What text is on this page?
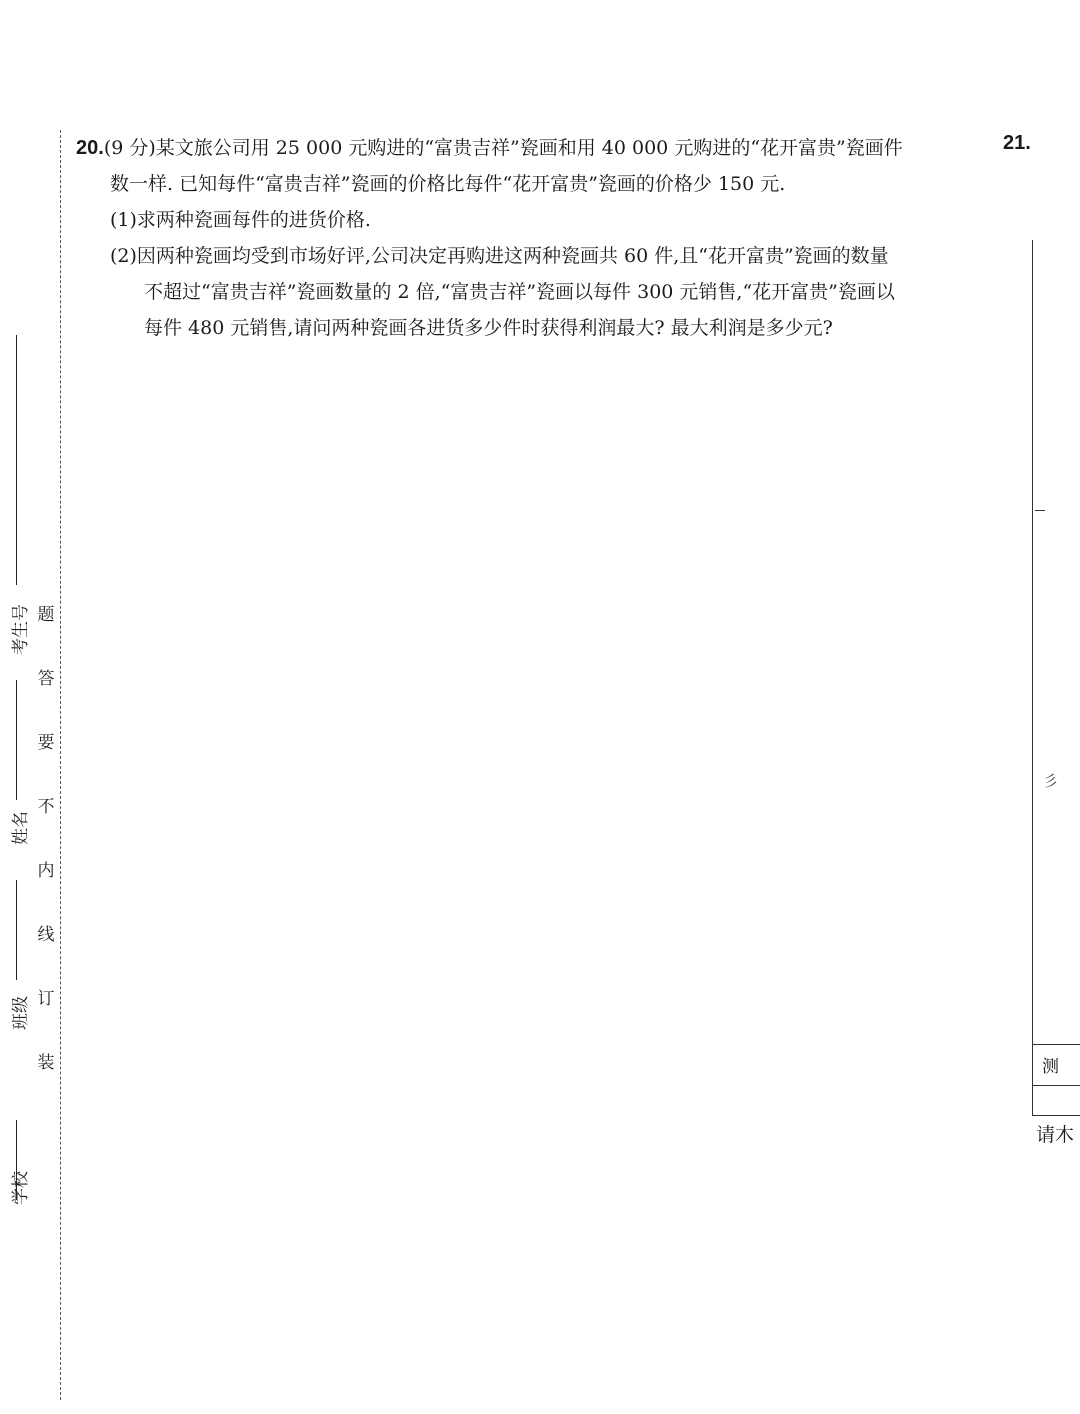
学校
班级
姓名
考生号 题
答
要
不
内
线
订
装
20.(9 分)某文旅公司用 25 000 元购进的“富贵吉祥”瓷画和用 40 000 元购进的“花开富贵”瓷画件
数一样. 已知每件“富贵吉祥”瓷画的价格比每件“花开富贵”瓷画的价格少 150 元.
(1)求两种瓷画每件的进货价格.
(2)因两种瓷画均受到市场好评,公司决定再购进这两种瓷画共 60 件,且“花开富贵”瓷画的数量
不超过“富贵吉祥”瓷画数量的 2 倍,“富贵吉祥”瓷画以每件 300 元销售,“花开富贵”瓷画以
每件 480 元销售,请问两种瓷画各进货多少件时获得利润最大? 最大利润是多少元?
21.
彡
测
请木
